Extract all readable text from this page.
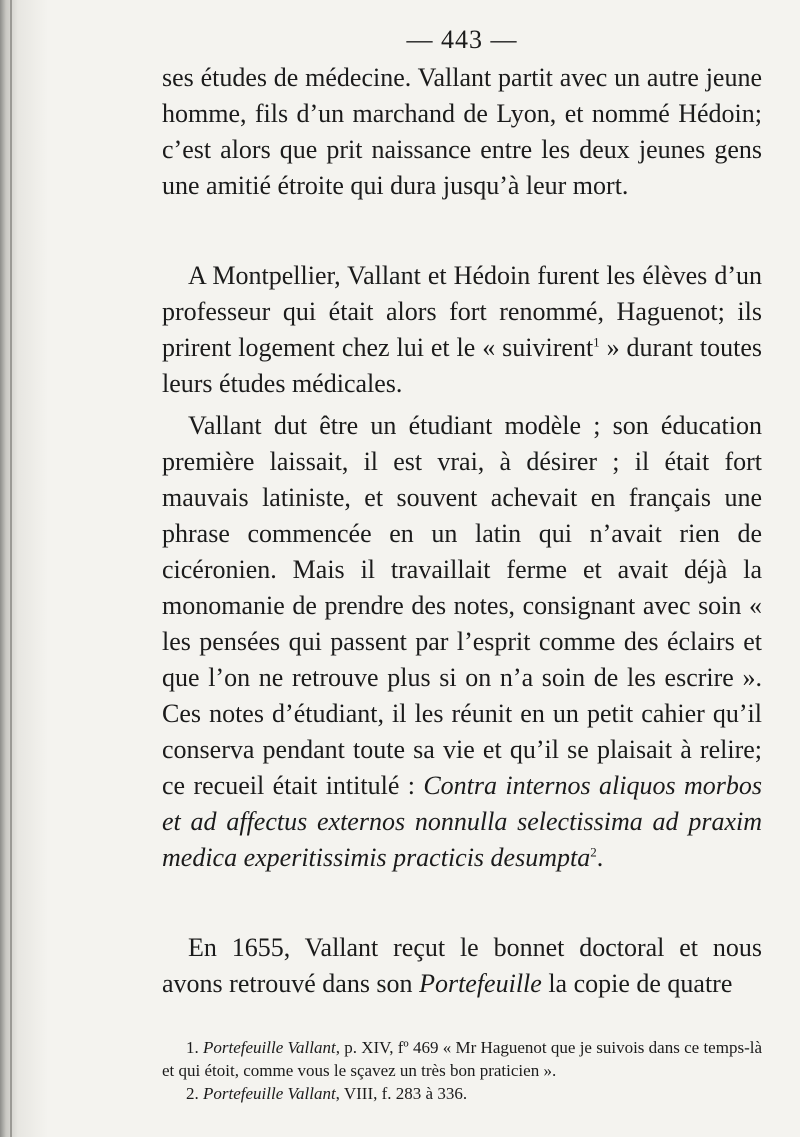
— 443 —

ses études de médecine. Vallant partit avec un autre jeune homme, fils d’un marchand de Lyon, et nommé Hédoin; c’est alors que prit naissance entre les deux jeunes gens une amitié étroite qui dura jusqu’à leur mort.

A Montpellier, Vallant et Hédoin furent les élèves d’un professeur qui était alors fort renommé, Haguenot; ils prirent logement chez lui et le « suivirent$^1$ » durant toutes leurs études médicales.

Vallant dut être un étudiant modèle ; son éducation première laissait, il est vrai, à désirer ; il était fort mauvais latiniste, et souvent achevait en français une phrase commencée en un latin qui n’avait rien de cicéronien. Mais il travaillait ferme et avait déjà la monomanie de prendre des notes, consignant avec soin « les pensées qui passent par l’esprit comme des éclairs et que l’on ne retrouve plus si on n’a soin de les escrire ». Ces notes d’étudiant, il les réunit en un petit cahier qu’il conserva pendant toute sa vie et qu’il se plaisait à relire; ce recueil était intitulé : Contra internos aliquos morbos et ad affectus externos nonnulla selectissima ad praxim medica experitissimis practicis desumpta$^2$.

En 1655, Vallant reçut le bonnet doctoral et nous avons retrouvé dans son Portefeuille la copie de quatre

1. Portefeuille Vallant, p. XIV, fº 469 « Mr Haguenot que je suivois dans ce temps-là et qui étoit, comme vous le sçavez un très bon praticien ».

2. Portefeuille Vallant, VIII, f. 283 à 336.
